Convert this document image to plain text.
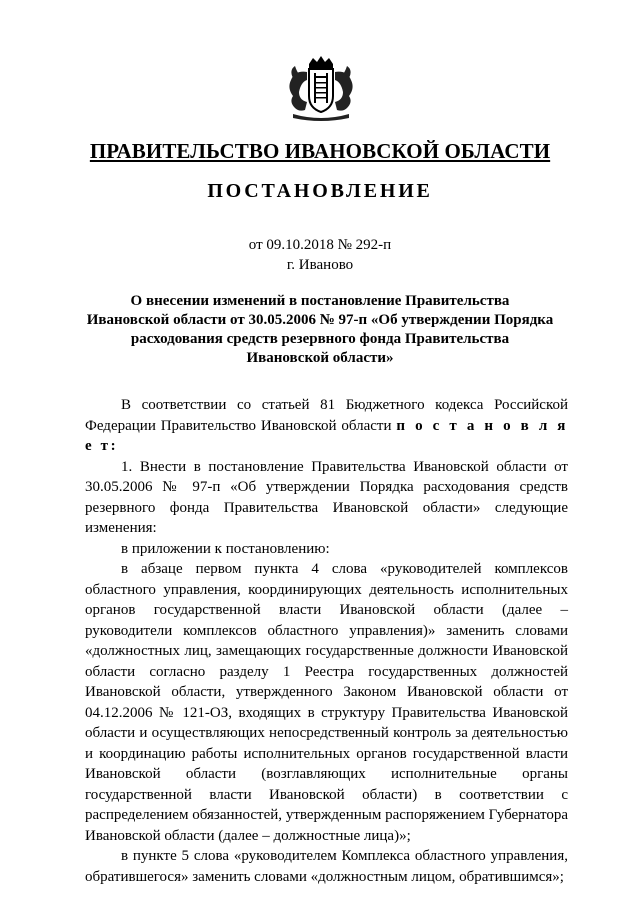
ПРАВИТЕЛЬСТВО ИВАНОВСКОЙ ОБЛАСТИ

ПОСТАНОВЛЕНИЕ

от 09.10.2018 № 292-п

г. Иваново

О внесении изменений в постановление Правительства
Ивановской области от 30.05.2006 № 97-п «Об утверждении Порядка
расходования средств резервного фонда Правительства
Ивановской области»

В соответствии со статьей 81 Бюджетного кодекса Российской Федерации Правительство Ивановской области п о с т а н о в л я е т:

1. Внести в постановление Правительства Ивановской области от 30.05.2006 № 97-п «Об утверждении Порядка расходования средств резервного фонда Правительства Ивановской области» следующие изменения:

в приложении к постановлению:

в абзаце первом пункта 4 слова «руководителей комплексов областного управления, координирующих деятельность исполнительных органов государственной власти Ивановской области (далее – руководители комплексов областного управления)» заменить словами «должностных лиц, замещающих государственные должности Ивановской области согласно разделу 1 Реестра государственных должностей Ивановской области, утвержденного Законом Ивановской области от 04.12.2006 № 121-ОЗ, входящих в структуру Правительства Ивановской области и осуществляющих непосредственный контроль за деятельностью и координацию работы исполнительных органов государственной власти Ивановской области (возглавляющих исполнительные органы государственной власти Ивановской области) в соответствии с распределением обязанностей, утвержденным распоряжением Губернатора Ивановской области (далее – должностные лица)»;

в пункте 5 слова «руководителем Комплекса областного управления, обратившегося» заменить словами «должностным лицом, обратившимся»;
